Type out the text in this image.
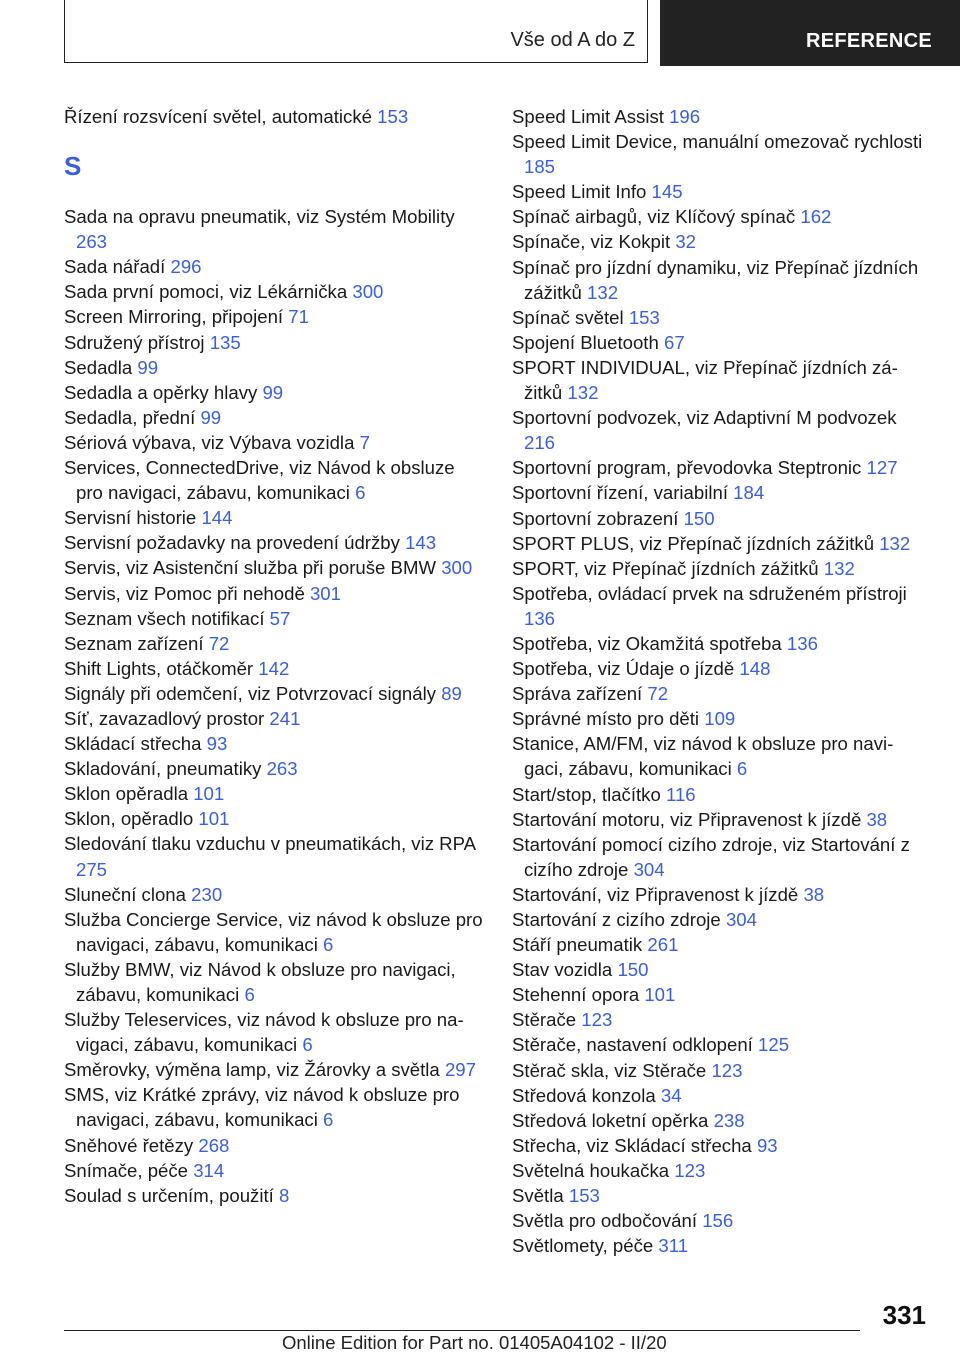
Vše od A do Z	REFERENCE
Řízení rozsvícení světel, automatické 153
S
Sada na opravu pneumatik, viz Systém Mobility 263
Sada nářadí 296
Sada první pomoci, viz Lékárnička 300
Screen Mirroring, připojení 71
Sdružený přístroj 135
Sedadla 99
Sedadla a opěrky hlavy 99
Sedadla, přední 99
Sériová výbava, viz Výbava vozidla 7
Services, ConnectedDrive, viz Návod k obsluze pro navigaci, zábavu, komunikaci 6
Servisní historie 144
Servisní požadavky na provedení údržby 143
Servis, viz Asistenční služba při poruše BMW 300
Servis, viz Pomoc při nehodě 301
Seznam všech notifikací 57
Seznam zařízení 72
Shift Lights, otáčkoměr 142
Signály při odemčení, viz Potvrzovací signály 89
Síť, zavazadlový prostor 241
Skládací střecha 93
Skladování, pneumatiky 263
Sklon opěradla 101
Sklon, opěradlo 101
Sledování tlaku vzduchu v pneumatikách, viz RPA 275
Sluneční clona 230
Služba Concierge Service, viz návod k obsluze pro navigaci, zábavu, komunikaci 6
Služby BMW, viz Návod k obsluze pro navigaci, zábavu, komunikaci 6
Služby Teleservices, viz návod k obsluze pro navigaci, zábavu, komunikaci 6
Směrovky, výměna lamp, viz Žárovky a světla 297
SMS, viz Krátké zprávy, viz návod k obsluze pro navigaci, zábavu, komunikaci 6
Sněhové řetězy 268
Snímače, péče 314
Soulad s určením, použití 8
Speed Limit Assist 196
Speed Limit Device, manuální omezovač rychlosti 185
Speed Limit Info 145
Spínač airbagů, viz Klíčový spínač 162
Spínače, viz Kokpit 32
Spínač pro jízdní dynamiku, viz Přepínač jízdních zážitků 132
Spínač světel 153
Spojení Bluetooth 67
SPORT INDIVIDUAL, viz Přepínač jízdních zážitků 132
Sportovní podvozek, viz Adaptivní M podvozek 216
Sportovní program, převodovka Steptronic 127
Sportovní řízení, variabilní 184
Sportovní zobrazení 150
SPORT PLUS, viz Přepínač jízdních zážitků 132
SPORT, viz Přepínač jízdních zážitků 132
Spotřeba, ovládací prvek na sdruženém přístroji 136
Spotřeba, viz Okamžitá spotřeba 136
Spotřeba, viz Údaje o jízdě 148
Správa zařízení 72
Správné místo pro děti 109
Stanice, AM/FM, viz návod k obsluze pro navigaci, zábavu, komunikaci 6
Start/stop, tlačítko 116
Startování motoru, viz Připravenost k jízdě 38
Startování pomocí cizího zdroje, viz Startování z cizího zdroje 304
Startování, viz Připravenost k jízdě 38
Startování z cizího zdroje 304
Stáří pneumatik 261
Stav vozidla 150
Stehenní opora 101
Stěrače 123
Stěrače, nastavení odklopení 125
Stěrač skla, viz Stěrače 123
Středová konzola 34
Středová loketní opěrka 238
Střecha, viz Skládací střecha 93
Světelná houkačka 123
Světla 153
Světla pro odbočování 156
Světlomety, péče 311
331
Online Edition for Part no. 01405A04102 - II/20
